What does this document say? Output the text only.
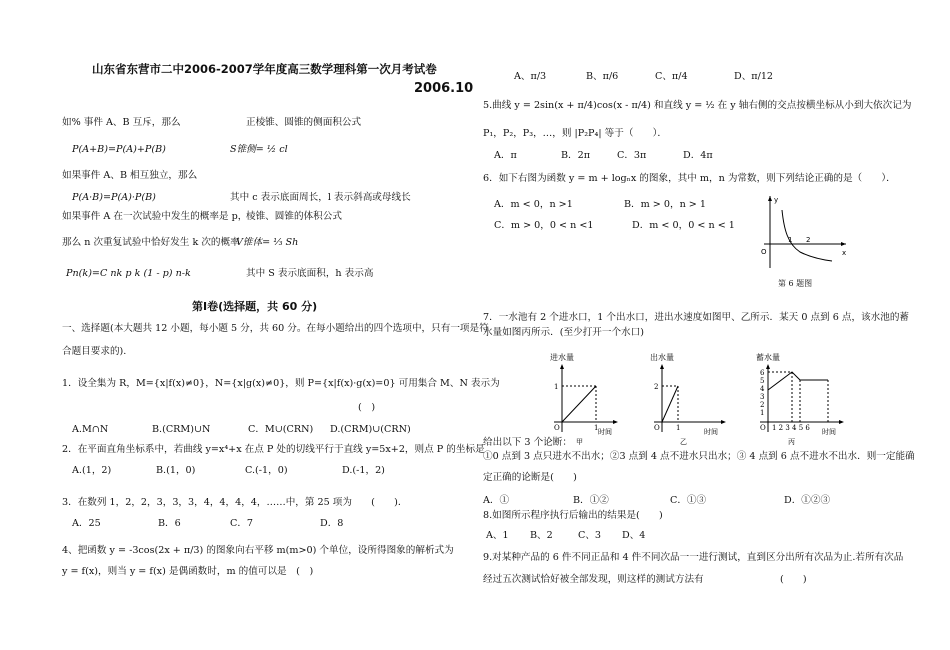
山东省东营市二中2006-2007学年度高三数学理科第一次月考试卷
2006.10
如% 事件 A、B 互斥，那么	正棱锥、圆锥的侧面积公式
P(A+B)=P(A)+P(B)	S锥侧= ½ cl
如果事件 A、B 相互独立，那么
P(A·B)=P(A)·P(B)	其中 c 表示底面周长，l 表示斜高或母线长
如果事件 A 在一次试验中发生的概率是 p，
棱锥、圆锥的体积公式
那么 n 次重复试验中恰好发生 k 次的概率
V锥体= ⅓ Sh
Pn(k)=C nk p k (1 - p) n-k	其中 S 表示底面积，h 表示高
第Ⅰ卷(选择题，共 60 分)
一、选择题(本大题共 12 小题，每小题 5 分，共 60 分。在每小题给出的四个选项中，只有一项是符
合题目要求的).
1．设全集为 R，M={x|f(x)≠0}，N={x|g(x)≠0}，则 P={x|f(x)·g(x)=0} 可用集合 M、N 表示为
(　)
A.M∩N	B.(CRM)∪N	C．M∪(CRN) D.(CRM)∪(CRN)
2．在平面直角坐标系中，若曲线 y=x⁴+x 在点 P 处的切线平行于直线 y=5x+2，则点 P 的坐标是
A.(1，2)	B.(1，0)	C.(-1，0)	D.(-1，2)
3．在数列 1，2，2，3，3，3，4，4，4，4，……中，第 25 项为　　(　　)．
A．25	B．6	C．7	D．8
4、把函数 y = -3cos(2x + π/3) 的图象向右平移 m(m>0) 个单位，设所得图象的解析式为
y = f(x)，则当 y = f(x) 是偶函数时，m 的值可以是　(　)
A、π/3	B、π/6	C、π/4	D、π/12
5.曲线 y = 2sin(x + π/4)cos(x - π/4) 和直线 y = ½ 在 y 轴右侧的交点按横坐标从小到大依次记为
P₁，P₂，P₃，…，则 |P₂P₄| 等于（　　）．
A．π	B．2π	C．3π	D．4π
6．如下右图为函数 y = m + logₙx 的图象，其中 m，n 为常数，则下列结论正确的是（　　）．
A．m < 0，n >1	B．m > 0，n > 1
C．m > 0，0 < n <1	D．m < 0，0 < n < 1
y
x
O
1 2
第 6 题图
7．一水池有 2 个进水口，1 个出水口，进出水速度如图甲、乙所示．某天 0 点到 6 点，该水池的蓄
水量如图丙所示．(至少打开一个水口)
进水量
1
O	1 时间
甲
出水量
2
O 1	时间
乙
蓄水量
6
5
4
3
2
1
O 1 2 3 4 5 6 时间
丙
给出以下 3 个论断：
①0 点到 3 点只进水不出水；②3 点到 4 点不进水只出水；③ 4 点到 6 点不进水不出水．则一定能确
定正确的论断是(　　)
A．①	B．①②	C．①③	D．①②③
8.如图所示程序执行后输出的结果是(　　)
A、1 B、2	C、3 D、4
9.对某种产品的 6 件不同正品和 4 件不同次品一一进行测试，直到区分出所有次品为止.若所有次品
经过五次测试恰好被全部发现，则这样的测试方法有	(　　)
